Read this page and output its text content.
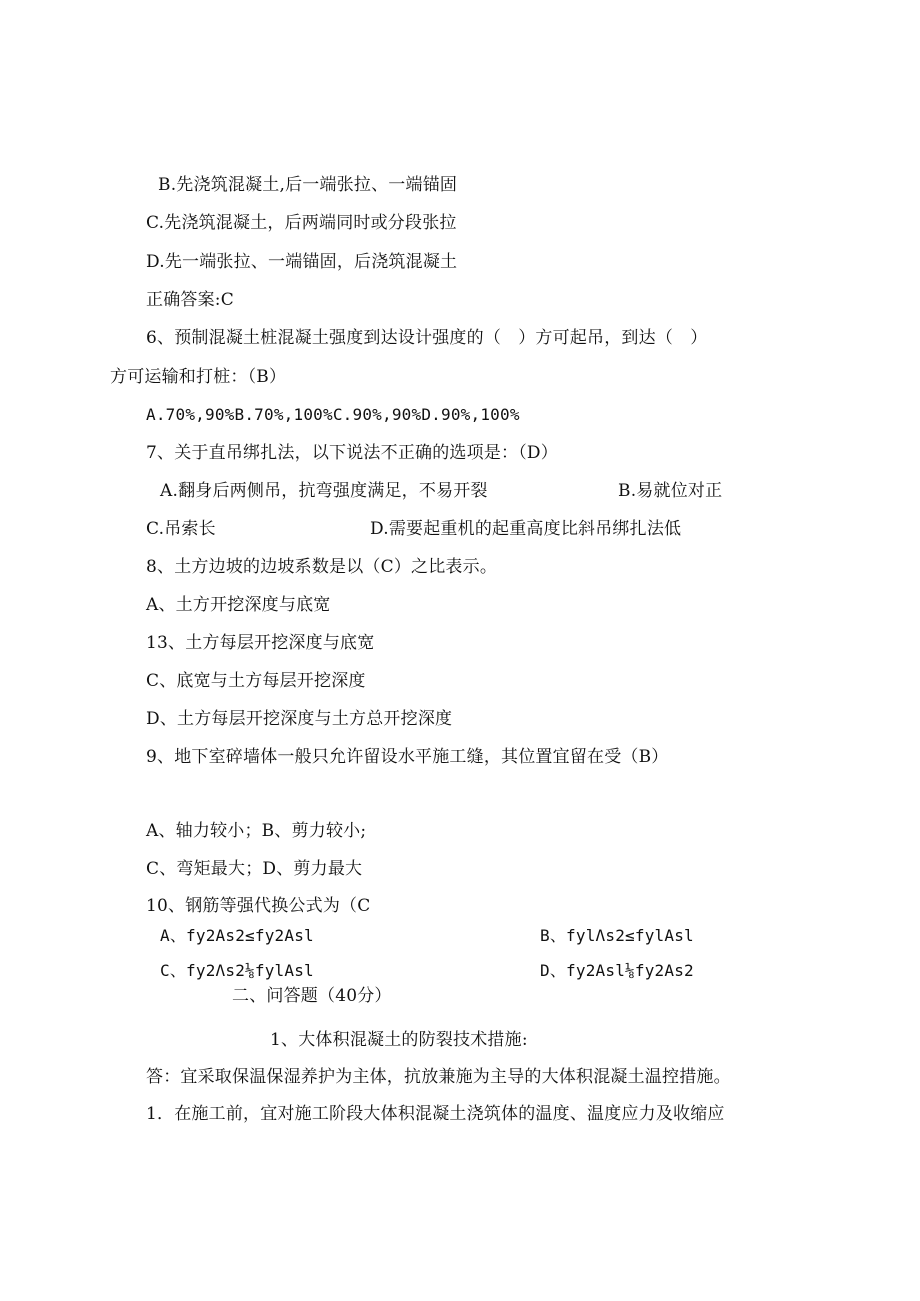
B.先浇筑混凝土,后一端张拉、一端锚固
C.先浇筑混凝土，后两端同时或分段张拉
D.先一端张拉、一端锚固，后浇筑混凝土
正确答案:C
6、预制混凝土桩混凝土强度到达设计强度的（　）方可起吊，到达（　）
方可运输和打桩：（B）
A.70%,90%B.70%,100%C.90%,90%D.90%,100%
7、关于直吊绑扎法，以下说法不正确的选项是：（D）
A.翻身后两侧吊，抗弯强度满足，不易开裂	B.易就位对正
C.吊索长	D.需要起重机的起重高度比斜吊绑扎法低
8、土方边坡的边坡系数是以（C）之比表示。
A、土方开挖深度与底宽
13、土方每层开挖深度与底宽
C、底宽与土方每层开挖深度
D、土方每层开挖深度与土方总开挖深度
9、地下室碎墙体一般只允许留设水平施工缝，其位置宜留在受（B）
A、轴力较小；B、剪力较小;
C、弯矩最大；D、剪力最大
10、钢筋等强代换公式为（C
A、fy2As2≤fy2Asl	B、fylΛs2≤fylAsl
C、fy2Λs2⅛fylAsl	D、fy2Asl⅛fy2As2
二、问答题（40分）
1、大体积混凝土的防裂技术措施:
答：宜采取保温保湿养护为主体，抗放兼施为主导的大体积混凝土温控措施。
1．在施工前，宜对施工阶段大体积混凝土浇筑体的温度、温度应力及收缩应
